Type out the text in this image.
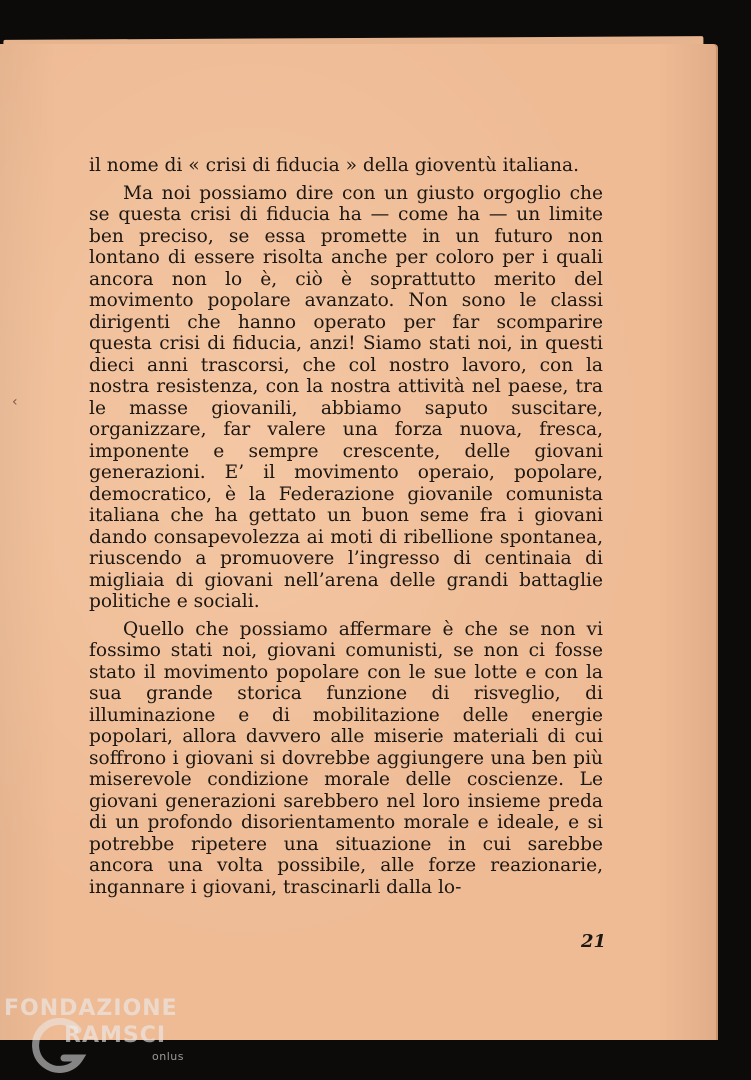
il nome di « crisi di fiducia » della gioventù italiana.

Ma noi possiamo dire con un giusto orgoglio che se questa crisi di fiducia ha — come ha — un limite ben preciso, se essa promette in un futuro non lontano di essere risolta anche per coloro per i quali ancora non lo è, ciò è soprattutto merito del movimento popolare avanzato. Non sono le classi dirigenti che hanno operato per far scomparire questa crisi di fiducia, anzi! Siamo stati noi, in questi dieci anni trascorsi, che col nostro lavoro, con la nostra resistenza, con la nostra attività nel paese, tra le masse giovanili, abbiamo saputo suscitare, organizzare, far valere una forza nuova, fresca, imponente e sempre crescente, delle giovani generazioni. E’ il movimento operaio, popolare, democratico, è la Federazione giovanile comunista italiana che ha gettato un buon seme fra i giovani dando consapevolezza ai moti di ribellione spontanea, riuscendo a promuovere l’ingresso di centinaia di migliaia di giovani nell’arena delle grandi battaglie politiche e sociali.

Quello che possiamo affermare è che se non vi fossimo stati noi, giovani comunisti, se non ci fosse stato il movimento popolare con le sue lotte e con la sua grande storica funzione di risveglio, di illuminazione e di mobilitazione delle energie popolari, allora davvero alle miserie materiali di cui soffrono i giovani si dovrebbe aggiungere una ben più miserevole condizione morale delle coscienze. Le giovani generazioni sarebbero nel loro insieme preda di un profondo disorientamento morale e ideale, e si potrebbe ripetere una situazione in cui sarebbe ancora una volta possibile, alle forze reazionarie, ingannare i giovani, trascinarli dalla lo-

‹
21
FONDAZIONE
RAMSCI
onlus
